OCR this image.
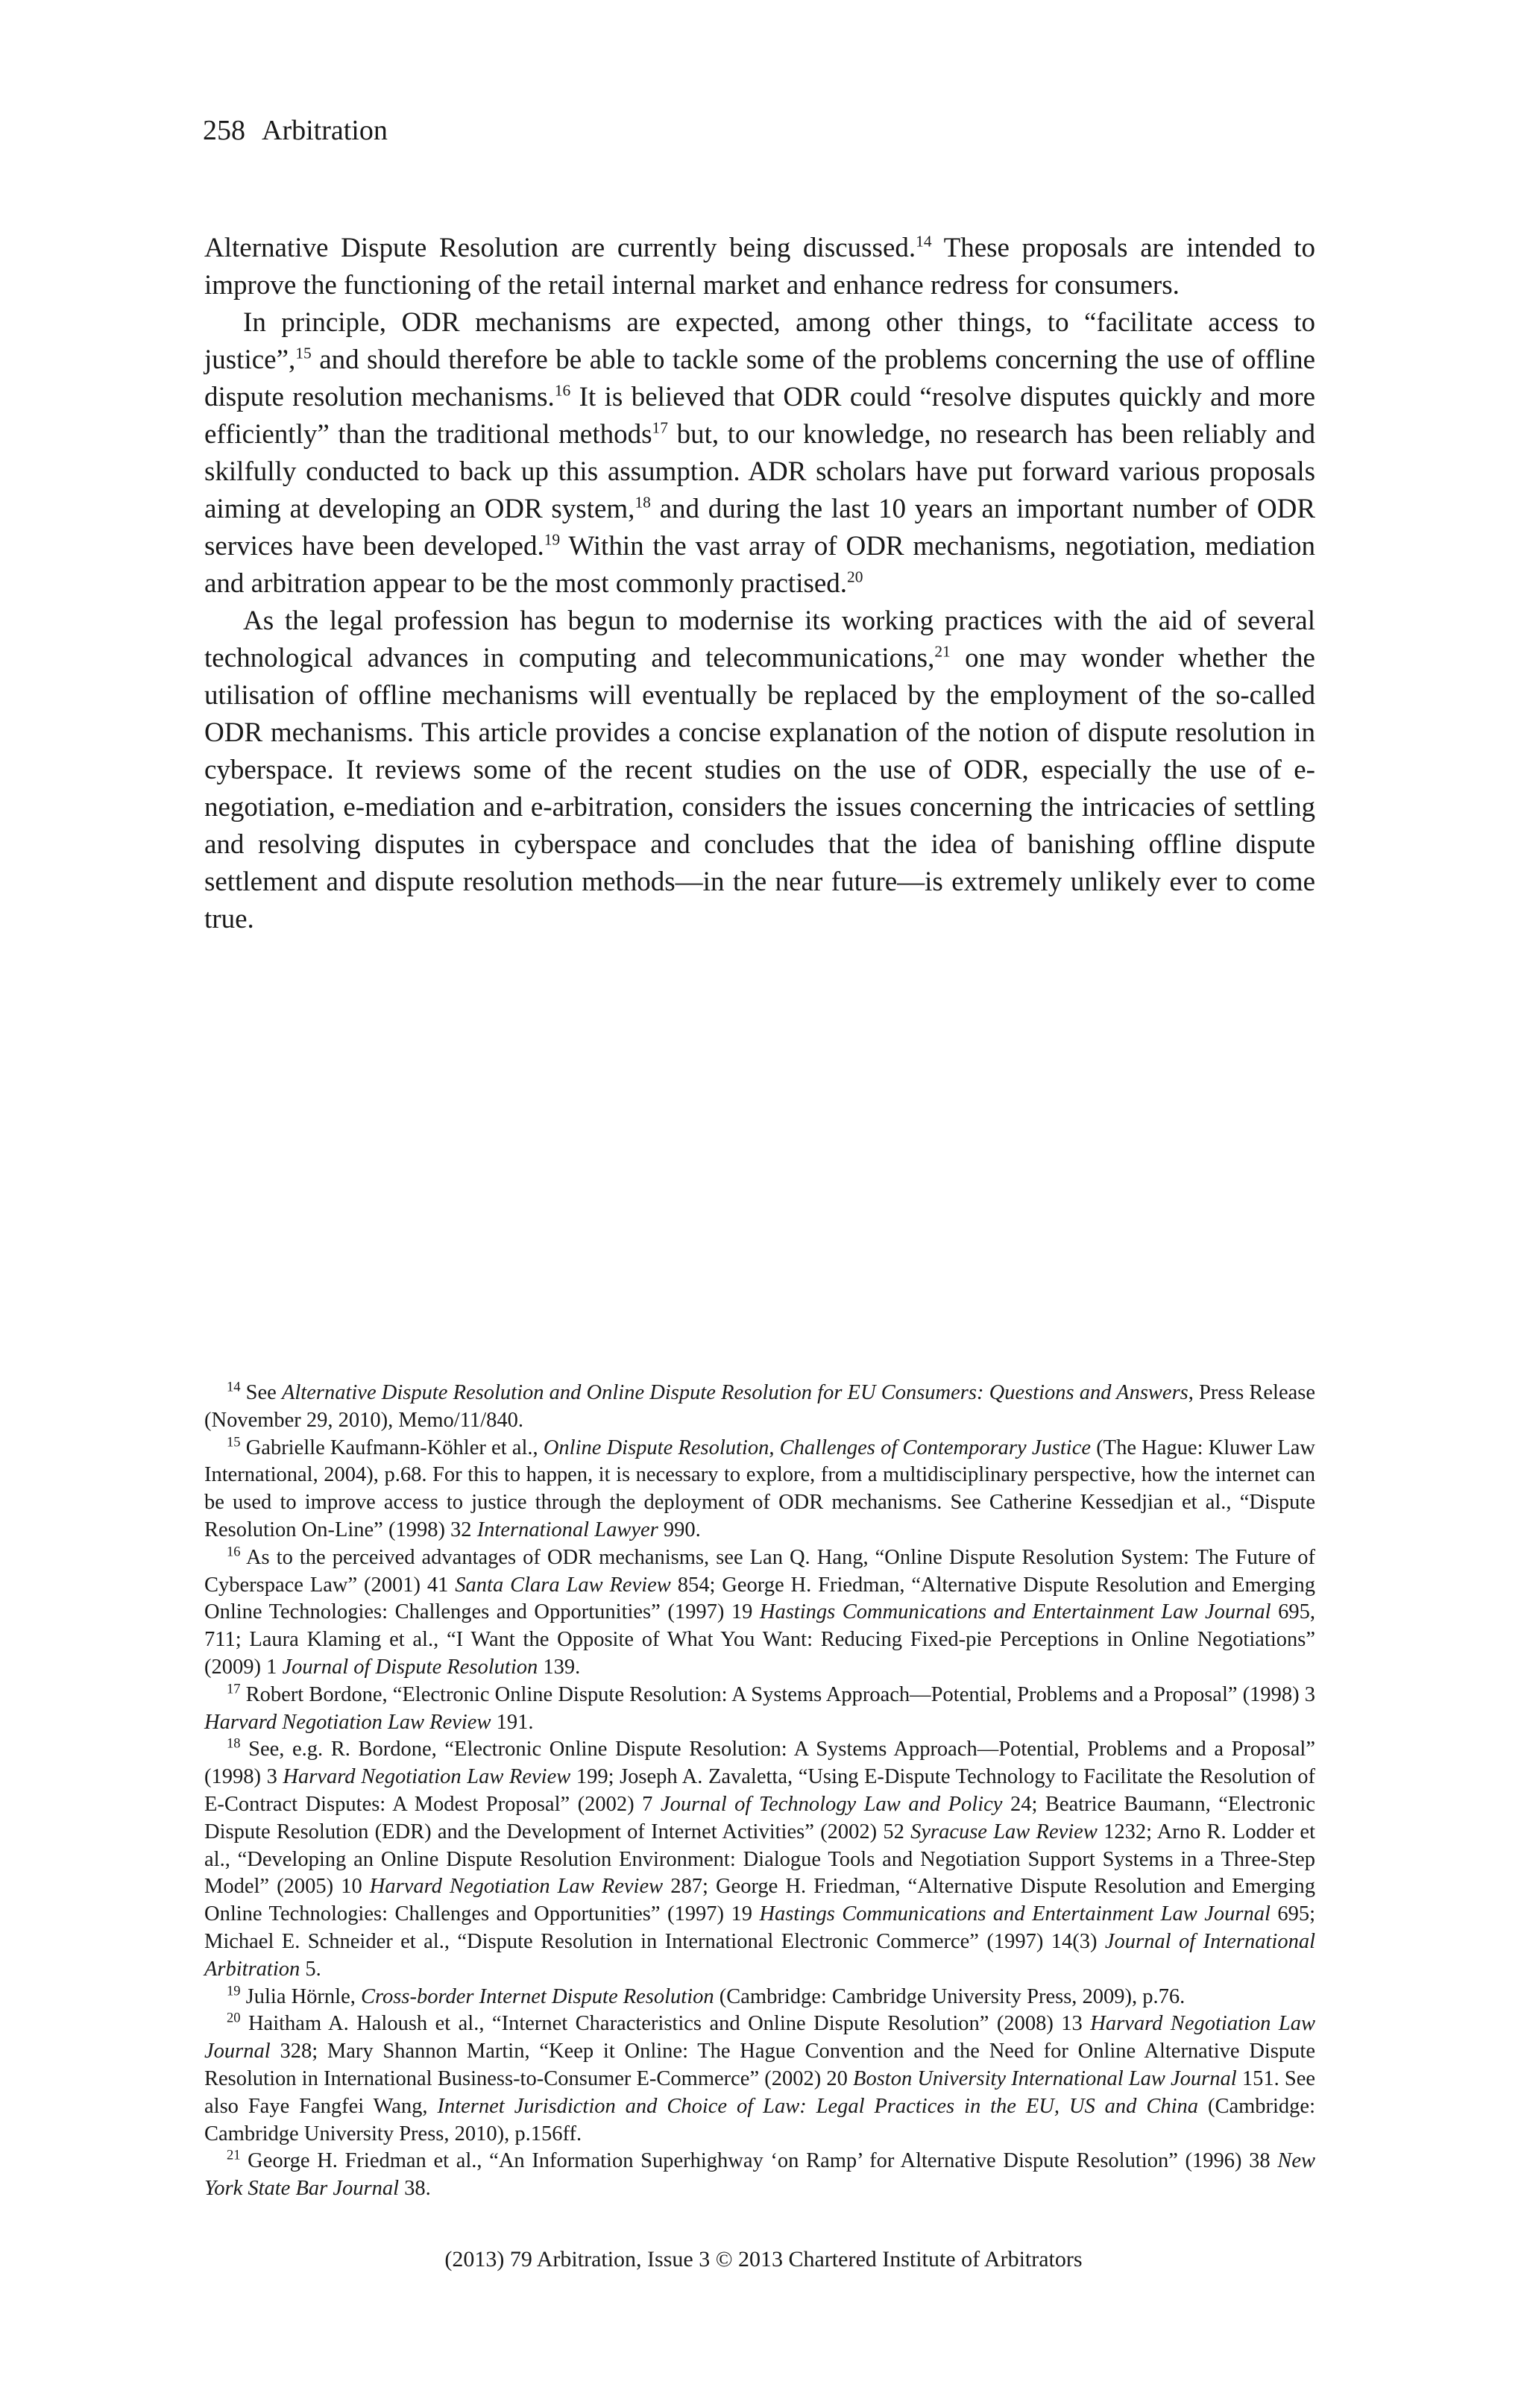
258 Arbitration

Alternative Dispute Resolution are currently being discussed.$^{14}$ These proposals are intended to improve the functioning of the retail internal market and enhance redress for consumers.

In principle, ODR mechanisms are expected, among other things, to “facilitate access to justice”,$^{15}$ and should therefore be able to tackle some of the problems concerning the use of offline dispute resolution mechanisms.$^{16}$ It is believed that ODR could “resolve disputes quickly and more efficiently” than the traditional methods$^{17}$ but, to our knowledge, no research has been reliably and skilfully conducted to back up this assumption. ADR scholars have put forward various proposals aiming at developing an ODR system,$^{18}$ and during the last 10 years an important number of ODR services have been developed.$^{19}$ Within the vast array of ODR mechanisms, negotiation, mediation and arbitration appear to be the most commonly practised.$^{20}$

As the legal profession has begun to modernise its working practices with the aid of several technological advances in computing and telecommunications,$^{21}$ one may wonder whether the utilisation of offline mechanisms will eventually be replaced by the employment of the so-called ODR mechanisms. This article provides a concise explanation of the notion of dispute resolution in cyberspace. It reviews some of the recent studies on the use of ODR, especially the use of e-negotiation, e-mediation and e-arbitration, considers the issues concerning the intricacies of settling and resolving disputes in cyberspace and concludes that the idea of banishing offline dispute settlement and dispute resolution methods—in the near future—is extremely unlikely ever to come true.

$^{14}$ See Alternative Dispute Resolution and Online Dispute Resolution for EU Consumers: Questions and Answers, Press Release (November 29, 2010), Memo/11/840.

$^{15}$ Gabrielle Kaufmann-Köhler et al., Online Dispute Resolution, Challenges of Contemporary Justice (The Hague: Kluwer Law International, 2004), p.68. For this to happen, it is necessary to explore, from a multidisciplinary perspective, how the internet can be used to improve access to justice through the deployment of ODR mechanisms. See Catherine Kessedjian et al., “Dispute Resolution On-Line” (1998) 32 International Lawyer 990.

$^{16}$ As to the perceived advantages of ODR mechanisms, see Lan Q. Hang, “Online Dispute Resolution System: The Future of Cyberspace Law” (2001) 41 Santa Clara Law Review 854; George H. Friedman, “Alternative Dispute Resolution and Emerging Online Technologies: Challenges and Opportunities” (1997) 19 Hastings Communications and Entertainment Law Journal 695, 711; Laura Klaming et al., “I Want the Opposite of What You Want: Reducing Fixed-pie Perceptions in Online Negotiations” (2009) 1 Journal of Dispute Resolution 139.

$^{17}$ Robert Bordone, “Electronic Online Dispute Resolution: A Systems Approach—Potential, Problems and a Proposal” (1998) 3 Harvard Negotiation Law Review 191.

$^{18}$ See, e.g. R. Bordone, “Electronic Online Dispute Resolution: A Systems Approach—Potential, Problems and a Proposal” (1998) 3 Harvard Negotiation Law Review 199; Joseph A. Zavaletta, “Using E-Dispute Technology to Facilitate the Resolution of E-Contract Disputes: A Modest Proposal” (2002) 7 Journal of Technology Law and Policy 24; Beatrice Baumann, “Electronic Dispute Resolution (EDR) and the Development of Internet Activities” (2002) 52 Syracuse Law Review 1232; Arno R. Lodder et al., “Developing an Online Dispute Resolution Environment: Dialogue Tools and Negotiation Support Systems in a Three-Step Model” (2005) 10 Harvard Negotiation Law Review 287; George H. Friedman, “Alternative Dispute Resolution and Emerging Online Technologies: Challenges and Opportunities” (1997) 19 Hastings Communications and Entertainment Law Journal 695; Michael E. Schneider et al., “Dispute Resolution in International Electronic Commerce” (1997) 14(3) Journal of International Arbitration 5.

$^{19}$ Julia Hörnle, Cross-border Internet Dispute Resolution (Cambridge: Cambridge University Press, 2009), p.76.

$^{20}$ Haitham A. Haloush et al., “Internet Characteristics and Online Dispute Resolution” (2008) 13 Harvard Negotiation Law Journal 328; Mary Shannon Martin, “Keep it Online: The Hague Convention and the Need for Online Alternative Dispute Resolution in International Business-to-Consumer E-Commerce” (2002) 20 Boston University International Law Journal 151. See also Faye Fangfei Wang, Internet Jurisdiction and Choice of Law: Legal Practices in the EU, US and China (Cambridge: Cambridge University Press, 2010), p.156ff.

$^{21}$ George H. Friedman et al., “An Information Superhighway ‘on Ramp’ for Alternative Dispute Resolution” (1996) 38 New York State Bar Journal 38.

(2013) 79 Arbitration, Issue 3 © 2013 Chartered Institute of Arbitrators
